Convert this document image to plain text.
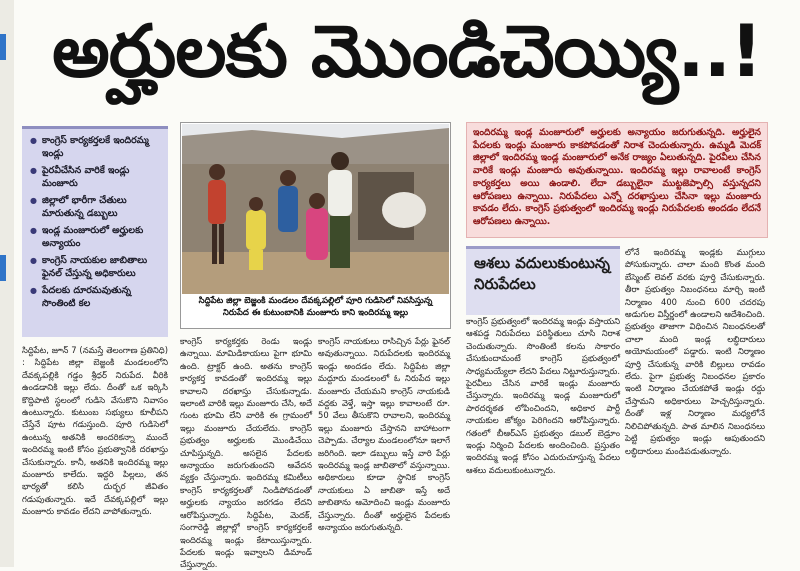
అర్హులకు మొండిచెయ్యి..!
● కాంగ్రెస్ కార్యకర్తలకే ఇందిరమ్మ ఇండ్లు
● పైరవీచేసిన వారికే ఇండ్లు మంజూరు
● జిల్లాలో భారీగా చేతులు మారుతున్న డబ్బులు
● ఇండ్ల మంజూరులో అర్హులకు అన్యాయం
● కాంగ్రెస్ నాయకుల జాబితాలు ఫైనల్ చేస్తున్న అధికారులు
● పేదలకు దూరమవుతున్న సొంతింటి కల	సిద్దిపేట జిల్లా బెజ్జంకి మండలం దేవక్కపల్లిలో పూరి గుడిసెలో నివసిస్తున్న నిరుపేద ఈ కుటుంబానికి మంజూరు కాని ఇందిరమ్మ ఇల్లు

ఇందిరమ్మ ఇండ్ల మంజూరులో అర్హులకు అన్యాయం జరుగుతున్నది. అర్హులైన పేదలకు ఇండ్లు మంజూరు కాకపోవడంతో నిరాశ చెందుతున్నారు. ఉమ్మడి మెదక్ జిల్లాలో ఇందిరమ్మ ఇండ్ల మంజూరులో అనేక రాజ్యం ఏలుతున్నది. పైరవీలు చేసిన వారికే ఇండ్లు మంజూరు అవుతున్నాయి. ఇందిరమ్మ ఇల్లు రావాలంటే కాంగ్రెస్ కార్యకర్తలు అయి ఉండాలి. లేదా డబ్బులైనా ముట్టజెప్పాల్సి వస్తున్నదని ఆరోపణలు ఉన్నాయి. నిరుపేదలు ఎన్నో దరఖాస్తులు చేసినా ఇల్లు మంజూరు కావడం లేదు. కాంగ్రెస్ ప్రభుత్వంలో ఇందిరమ్మ ఇండ్లు నిరుపేదలకు అందడం లేదనే ఆరోపణలు ఉన్నాయి.

ఆశలు వదులుకుంటున్న నిరుపేదలు

సిద్దిపేట, జూన్ 7 (నమస్తే తెలంగాణ ప్రతినిధి) : సిద్దిపేట జిల్లా బెజ్జంకి మండలంలోని దేవక్కపల్లికి గడ్డం శ్రీధర్ నిరుపేద. వీరికి ఉండడానికి ఇల్లు లేదు. దీంతో ఒక ఇర్కిసి కొద్దిపాటి స్థలంలో గుడిసె వేసుకొని నివాసం ఉంటున్నారు. కుటుంబ సభ్యులు కూలీపని చేస్తేనే పూట గడుస్తుంది. పూరి గుడిసెలో ఉంటున్న అతనికి అందరికన్నా ముందే ఇందిరమ్మ ఇంటి కోసం ప్రభుత్వానికి దరఖాస్తు చేసుకున్నారు. కానీ, అతనికి ఇందిరమ్మ ఇల్లు మంజూరు కాలేదు. ఇద్దరి పిల్లలు, తన భార్యతో కలిసి దుర్భర జీవితం గడుపుతున్నారు. ఇదే దేవక్కపల్లిలో ఇల్లు మంజూరు కావడం లేదని వాపోతున్నారు.

కాంగ్రెస్ కార్యకర్తకు రెండు ఇండ్లు ఉన్నాయి. మామిడికాయలు పైగా భూమి ఉంది. ట్రాక్టర్ ఉంది. అతను కాంగ్రెస్ కార్యకర్త కావడంతో ఇందిరమ్మ ఇల్లు కావాలని దరఖాస్తు చేసుకున్నాడు. ఇలాంటి వారికి ఇల్లు మంజూరు చేసి, అదే గుంట భూమి లేని వారికి ఈ గ్రామంలో ఇల్లు మంజూరు చేయలేదు. కాంగ్రెస్ ప్రభుత్వం అర్హులకు మొండిచేయి చూపిస్తున్నది. అసలైన పేదలకు అన్యాయం జరుగుతుందని ఆవేదన వ్యక్తం చేస్తున్నారు. ఇందిరమ్మ కమిటీలు కాంగ్రెస్ కార్యకర్తలతో నిండిపోవడంతో అర్హులకు న్యాయం జరగడం లేదని ఆరోపిస్తున్నారు. సిద్దిపేట, మెదక్, సంగారెడ్డి జిల్లాల్లో కాంగ్రెస్ కార్యకర్తలకే ఇందిరమ్మ ఇండ్లు కేటాయిస్తున్నారు. పేదలకు ఇండ్లు ఇవ్వాలని డిమాండ్ చేస్తున్నారు.

కాంగ్రెస్ నాయకులు రాసిచ్చిన పేర్లు ఫైనల్ అవుతున్నాయి. నిరుపేదలకు ఇందిరమ్మ ఇండ్లు అందడం లేదు. సిద్దిపేట జిల్లా మద్దూరు మండలంలో ఓ నిరుపేద ఇల్లు మంజూరు చేయమని కాంగ్రెస్ నాయకుడి వద్దకు వెళ్తే, ఇస్తా ఇల్లు కావాలంటే రూ. 50 వేలు తీసుకొని రావాలని, ఇందిరమ్మ ఇల్లు మంజూరు చేస్తానని బాహాటంగా చెప్పాడు. చేర్యాల మండలంలోనూ ఇలాగే జరిగింది. ఇలా డబ్బులు ఇస్తే వారి పేర్లు ఇందిరమ్మ ఇండ్ల జాబితాలో వస్తున్నాయి. అధికారులు కూడా స్థానిక కాంగ్రెస్ నాయకులు ఏ జాబితా ఇస్తే అదే జాబితాను ఆమోదించి ఇండ్లు మంజూరు చేస్తున్నారు. దీంతో అర్హులైన పేదలకు అన్యాయం జరుగుతున్నది.

కాంగ్రెస్ ప్రభుత్వంలో ఇందిరమ్మ ఇండ్లు వస్తాయని ఆశపడ్డ నిరుపేదలు పరిస్థితులు చూసి నిరాశ చెందుతున్నారు. సొంతింటి కలను సాకారం చేసుకుందామంటే కాంగ్రెస్ ప్రభుత్వంలో సాధ్యమయ్యేలా లేదని పేదలు నిట్టూరుస్తున్నారు. పైరవీలు చేసిన వారికే ఇండ్లు మంజూరు చేస్తున్నారు. ఇందిరమ్మ ఇండ్ల మంజూరులో పారదర్శకత లోపించిందని, అధికార పార్టీ నాయకుల జోక్యం పెరిగిందని ఆరోపిస్తున్నారు. గతంలో బీఆర్ఎస్ ప్రభుత్వం డబుల్ బెడ్రూం ఇండ్లు నిర్మించి పేదలకు అందించింది. ప్రస్తుతం ఇందిరమ్మ ఇండ్ల కోసం ఎదురుచూస్తున్న పేదలు ఆశలు వదులుకుంటున్నారు.

లోనే ఇందిరమ్మ ఇండ్లకు ముగ్గులు పోసుకున్నారు. చాలా మంది కొంత మంది బేస్మెంట్ లెవల్ వరకు పూర్తి చేసుకున్నారు. తీరా ప్రభుత్వం నిబంధనలు మార్చి ఇంటి నిర్మాణం 400 నుంచి 600 చదరపు అడుగుల విస్తీర్ణంలో ఉండాలని ఆదేశించింది. ప్రభుత్వం తాజాగా విధించిన నిబంధనలతో చాలా మంది ఇండ్ల లబ్ధిదారులు అయోమయంలో పడ్డారు. ఇంటి నిర్మాణం పూర్తి చేసుకున్న వారికి బిల్లులు రావడం లేదు. పైగా ప్రభుత్వ నిబంధనల ప్రకారం ఇంటి నిర్మాణం చేయకపోతే ఇండ్లు రద్దు చేస్తామని అధికారులు హెచ్చరిస్తున్నారు. దీంతో ఇళ్ల నిర్మాణం మధ్యలోనే నిలిచిపోతున్నది. పాత మాలిన నిబంధనలు పెట్టి ప్రభుత్వం ఇండ్లు ఆపుతుందని లబ్ధిదారులు మండిపడుతున్నారు.
